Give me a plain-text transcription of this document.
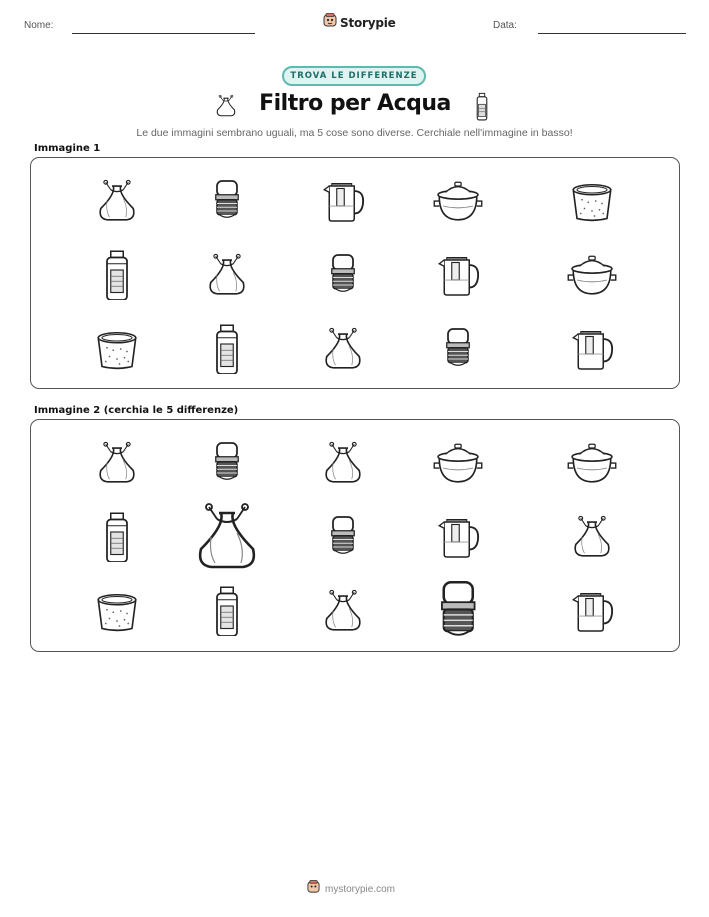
Nome:	Storypie	Data:
TROVA LE DIFFERENZE
Filtro per Acqua
Le due immagini sembrano uguali, ma 5 cose sono diverse. Cerchiale nell'immagine in basso!
Immagine 1
Immagine 2 (cerchia le 5 differenze)
mystorypie.com
